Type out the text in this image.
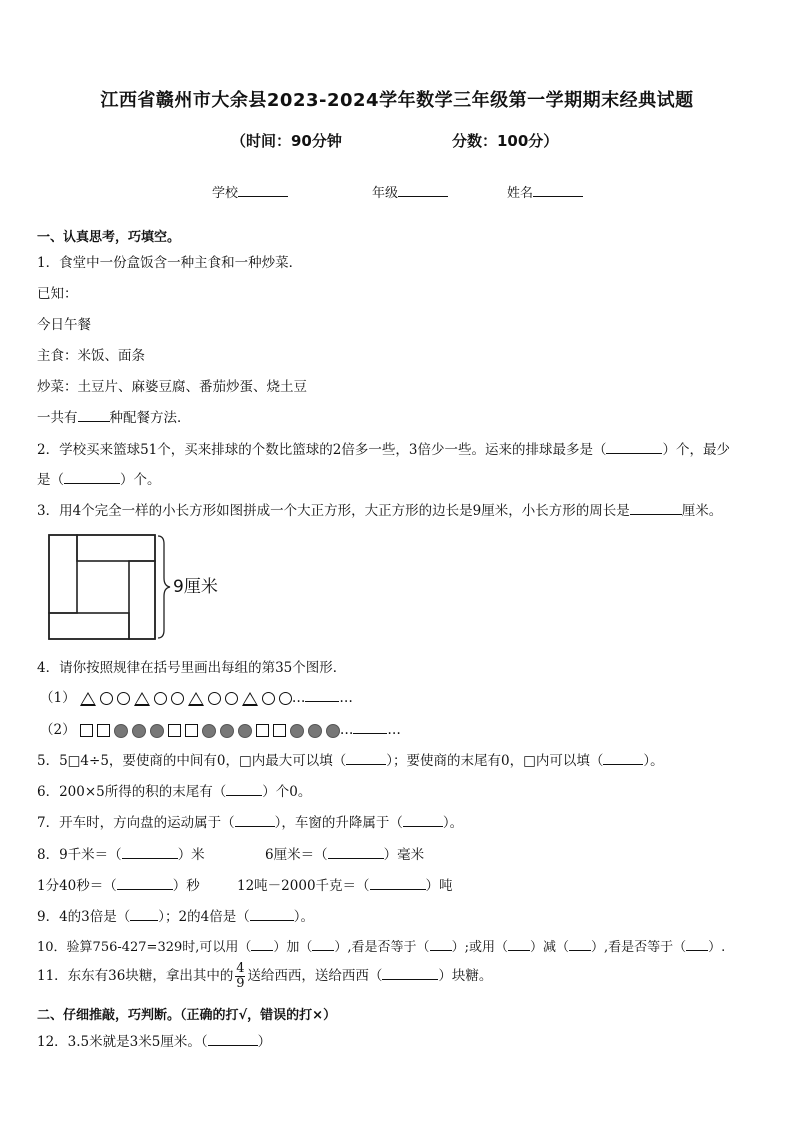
江西省赣州市大余县2023-2024学年数学三年级第一学期期末经典试题
（时间：90分钟	分数：100分）
学校	年级	姓名
一、认真思考，巧填空。
1．食堂中一份盒饭含一种主食和一种炒菜．
已知：
今日午餐
主食：米饭、面条
炒菜：土豆片、麻婆豆腐、番茄炒蛋、烧土豆
一共有 种配餐方法．
2．学校买来篮球51个，买来排球的个数比篮球的2倍多一些，3倍少一些。运来的排球最多是（	）个，最少
是（	）个。
3．用4个完全一样的小长方形如图拼成一个大正方形，大正方形的边长是9厘米，小长方形的周长是	厘米。
9厘米
4．请你按照规律在括号里画出每组的第35个图形．
（1）	…	…
（2）	…	…
5．5□4÷5，要使商的中间有0，□内最大可以填（	）；要使商的末尾有0，□内可以填（	）。
6．200×5所得的积的末尾有（	）个0。
7．开车时，方向盘的运动属于（	），车窗的升降属于（	）。
8．9千米＝（	）米	6厘米＝（	）毫米
1分40秒＝（	）秒	12吨－2000千克＝（	）吨
9．4的3倍是（ ）；2的4倍是（	）。
10．验算756-427=329时,可以用（ ）加（ ）,看是否等于（ ）;或用（ ）减（ ）,看是否等于（ ）.
11．东东有36块糖，拿出其中的 $\frac{4}{9}$ 送给西西，送给西西（	）块糖。
二、仔细推敲，巧判断。（正确的打√，错误的打×）
12．3.5米就是3米5厘米。（	）
